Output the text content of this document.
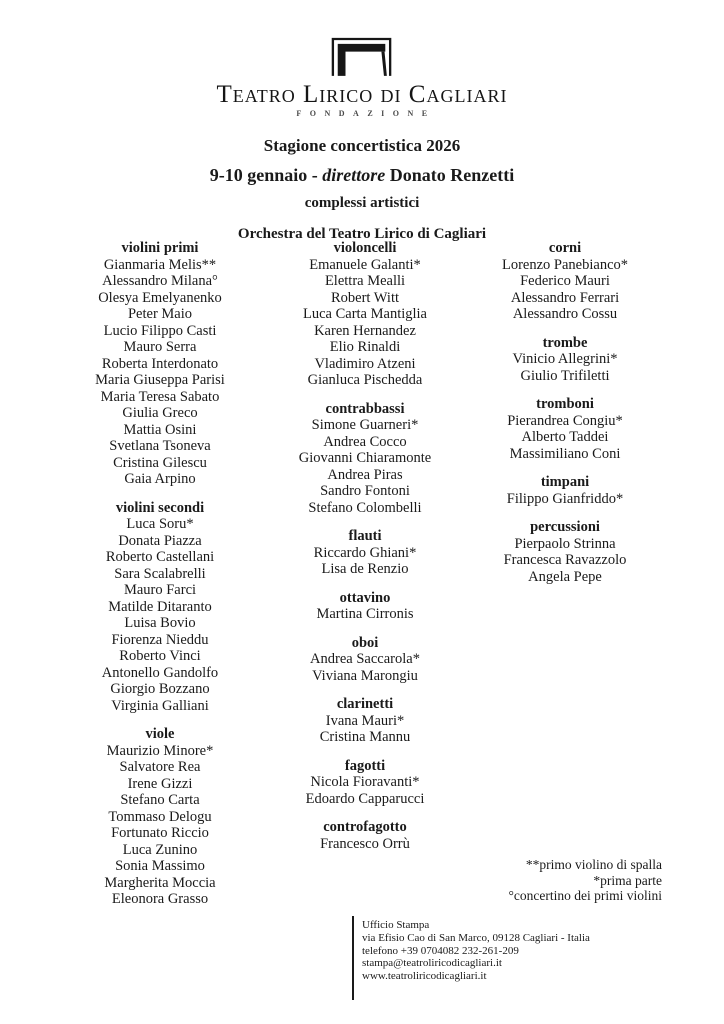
Teatro Lirico di Cagliari
FONDAZIONE
Stagione concertistica 2026
9-10 gennaio - direttore Donato Renzetti
complessi artistici
Orchestra del Teatro Lirico di Cagliari
violini primi
Gianmaria Melis**
Alessandro Milana°
Olesya Emelyanenko
Peter Maio
Lucio Filippo Casti
Mauro Serra
Roberta Interdonato
Maria Giuseppa Parisi
Maria Teresa Sabato
Giulia Greco
Mattia Osini
Svetlana Tsoneva
Cristina Gilescu
Gaia Arpino
violini secondi
Luca Soru*
Donata Piazza
Roberto Castellani
Sara Scalabrelli
Mauro Farci
Matilde Ditaranto
Luisa Bovio
Fiorenza Nieddu
Roberto Vinci
Antonello Gandolfo
Giorgio Bozzano
Virginia Galliani
viole
Maurizio Minore*
Salvatore Rea
Irene Gizzi
Stefano Carta
Tommaso Delogu
Fortunato Riccio
Luca Zunino
Sonia Massimo
Margherita Moccia
Eleonora Grasso
violoncelli
Emanuele Galanti*
Elettra Mealli
Robert Witt
Luca Carta Mantiglia
Karen Hernandez
Elio Rinaldi
Vladimiro Atzeni
Gianluca Pischedda
contrabbassi
Simone Guarneri*
Andrea Cocco
Giovanni Chiaramonte
Andrea Piras
Sandro Fontoni
Stefano Colombelli
flauti
Riccardo Ghiani*
Lisa de Renzio
ottavino
Martina Cirronis
oboi
Andrea Saccarola*
Viviana Marongiu
clarinetti
Ivana Mauri*
Cristina Mannu
fagotti
Nicola Fioravanti*
Edoardo Capparucci
controfagotto
Francesco Orrù
corni
Lorenzo Panebianco*
Federico Mauri
Alessandro Ferrari
Alessandro Cossu
trombe
Vinicio Allegrini*
Giulio Trifiletti
tromboni
Pierandrea Congiu*
Alberto Taddei
Massimiliano Coni
timpani
Filippo Gianfriddo*
percussioni
Pierpaolo Strinna
Francesca Ravazzolo
Angela Pepe
**primo violino di spalla
*prima parte
°concertino dei primi violini
Ufficio Stampa
via Efisio Cao di San Marco, 09128 Cagliari - Italia
telefono +39 0704082 232-261-209
stampa@teatroliricodicagliari.it
www.teatroliricodicagliari.it
